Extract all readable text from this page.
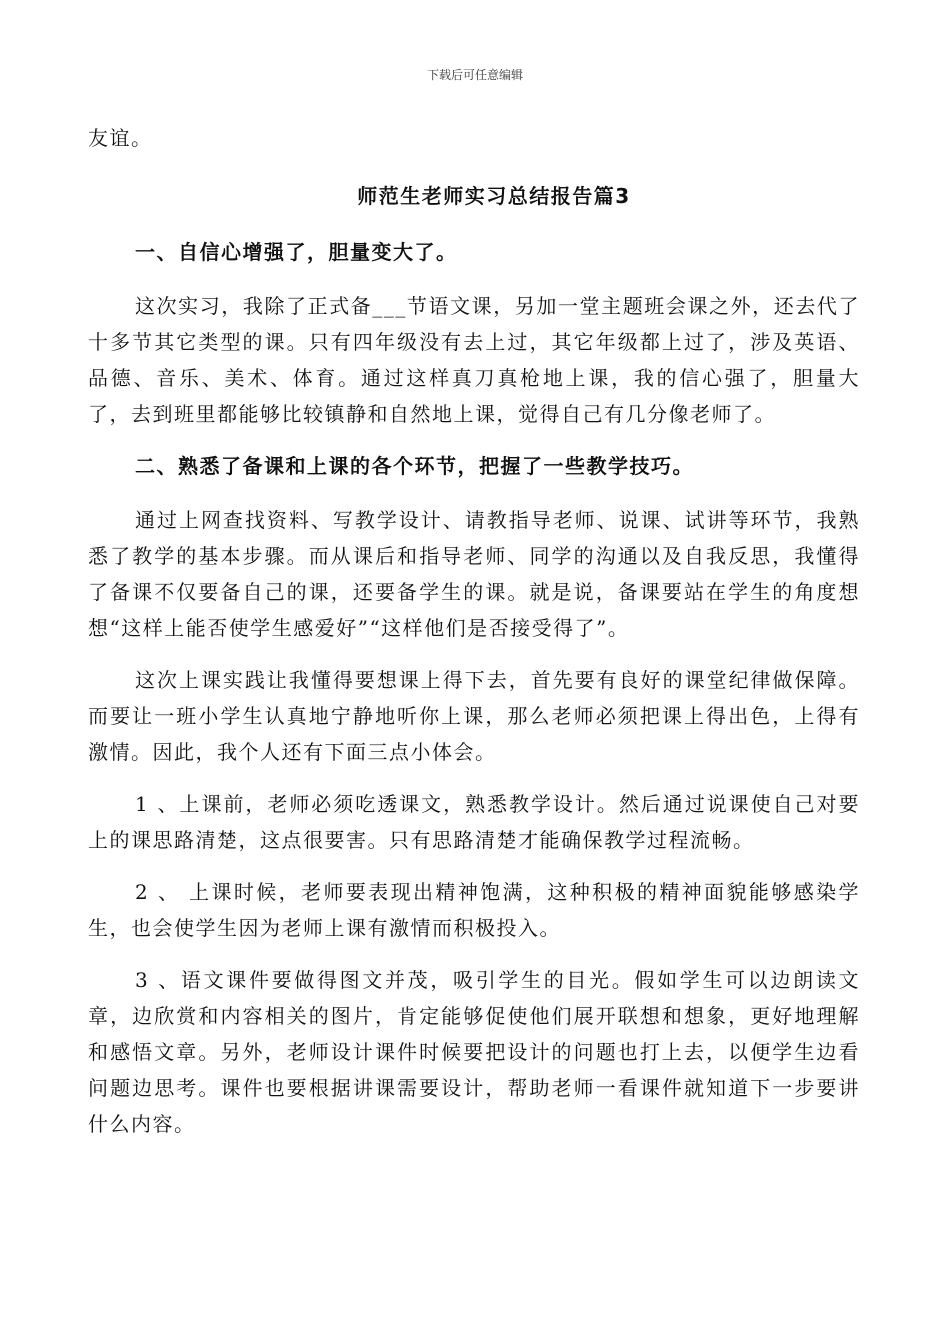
下载后可任意编辑

友谊。

师范生老师实习总结报告篇3

一、自信心增强了，胆量变大了。

这次实习，我除了正式备___节语文课，另加一堂主题班会课之外，还去代了十多节其它类型的课。只有四年级没有去上过，其它年级都上过了，涉及英语、品德、音乐、美术、体育。通过这样真刀真枪地上课，我的信心强了，胆量大了，去到班里都能够比较镇静和自然地上课，觉得自己有几分像老师了。

二、熟悉了备课和上课的各个环节，把握了一些教学技巧。

通过上网查找资料、写教学设计、请教指导老师、说课、试讲等环节，我熟悉了教学的基本步骤。而从课后和指导老师、同学的沟通以及自我反思，我懂得了备课不仅要备自己的课，还要备学生的课。就是说，备课要站在学生的角度想想“这样上能否使学生感爱好”“这样他们是否接受得了”。

这次上课实践让我懂得要想课上得下去，首先要有良好的课堂纪律做保障。而要让一班小学生认真地宁静地听你上课，那么老师必须把课上得出色，上得有激情。因此，我个人还有下面三点小体会。

1 、上课前，老师必须吃透课文，熟悉教学设计。然后通过说课使自己对要上的课思路清楚，这点很要害。只有思路清楚才能确保教学过程流畅。

2 、 上课时候，老师要表现出精神饱满，这种积极的精神面貌能够感染学生，也会使学生因为老师上课有激情而积极投入。

3 、语文课件要做得图文并茂，吸引学生的目光。假如学生可以边朗读文章，边欣赏和内容相关的图片，肯定能够促使他们展开联想和想象，更好地理解和感悟文章。另外，老师设计课件时候要把设计的问题也打上去，以便学生边看问题边思考。课件也要根据讲课需要设计，帮助老师一看课件就知道下一步要讲什么内容。
